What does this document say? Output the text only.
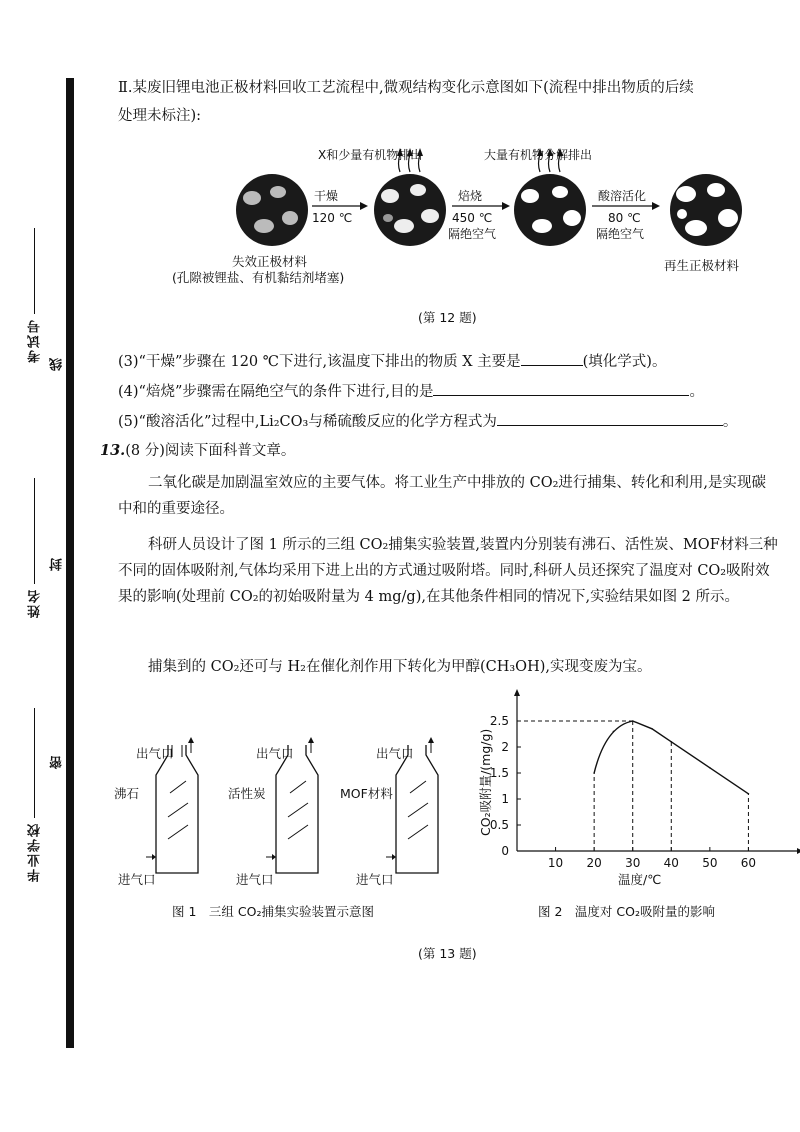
考试号
姓名
毕业学校
线
封
密
Ⅱ.某废旧锂电池正极材料回收工艺流程中,微观结构变化示意图如下(流程中排出物质的后续
处理未标注):
干燥
120 ℃
X和少量有机物排出
焙烧
450 ℃
隔绝空气
大量有机物分解排出
酸溶活化
80 ℃
隔绝空气
失效正极材料
(孔隙被锂盐、有机黏结剂堵塞)
再生正极材料
(第 12 题)
(3)“干燥”步骤在 120 ℃下进行,该温度下排出的物质 X 主要是	(填化学式)。
(4)“焙烧”步骤需在隔绝空气的条件下进行,目的是	。
(5)“酸溶活化”过程中,Li₂CO₃与稀硫酸反应的化学方程式为	。
13.(8 分)阅读下面科普文章。
二氧化碳是加剧温室效应的主要气体。将工业生产中排放的 CO₂进行捕集、转化和利用,是实现碳中和的重要途径。
科研人员设计了图 1 所示的三组 CO₂捕集实验装置,装置内分别装有沸石、活性炭、MOF材料三种不同的固体吸附剂,气体均采用下进上出的方式通过吸附塔。同时,科研人员还探究了温度对 CO₂吸附效果的影响(处理前 CO₂的初始吸附量为 4 mg/g),在其他条件相同的情况下,实验结果如图 2 所示。
捕集到的 CO₂还可与 H₂在催化剂作用下转化为甲醇(CH₃OH),实现变废为宝。
出气口	出气口	出气口
沸石	活性炭	MOF材料
进气口	进气口	进气口
图 1　三组 CO₂捕集实验装置示意图
10 20 30 40 50 60
0
0.5
1
1.5
2
2.5
CO₂吸附量/(mg/g)
温度/℃
图 2　温度对 CO₂吸附量的影响
(第 13 题)
